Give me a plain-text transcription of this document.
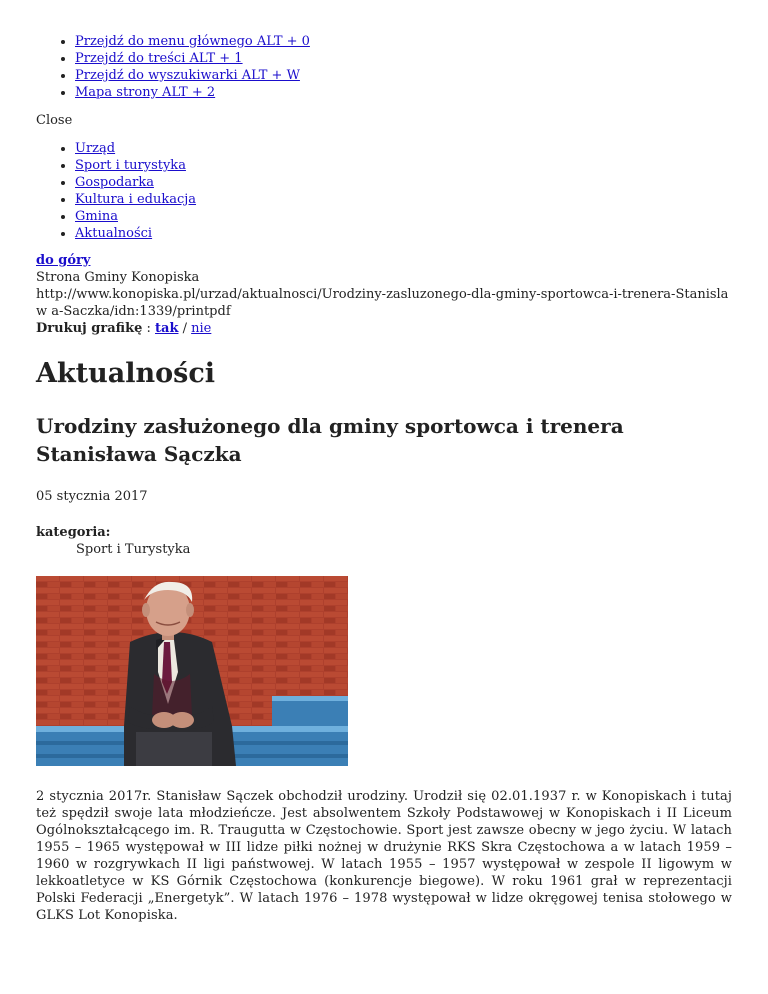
• Przejdź do menu głównego ALT + 0
• Przejdź do treści ALT + 1
• Przejdź do wyszukiwarki ALT + W
• Mapa strony ALT + 2
Close
• Urząd
• Sport i turystyka
• Gospodarka
• Kultura i edukacja
• Gmina
• Aktualności
do góry
Strona Gminy Konopiska
http://www.konopiska.pl/urzad/aktualnosci/Urodziny-zasluzonego-dla-gminy-sportowca-i-trenera-Stanislaw a-Saczka/idn:1339/printpdf
Drukuj grafikę : tak / nie
Aktualności
Urodziny zasłużonego dla gminy sportowca i trenera Stanisława Sączka
05 stycznia 2017
kategoria:
Sport i Turystyka
2 stycznia 2017r. Stanisław Sączek obchodził urodziny. Urodził się 02.01.1937 r. w Konopiskach i tutaj też spędził swoje lata młodzieńcze. Jest absolwentem Szkoły Podstawowej w Konopiskach i II Liceum Ogólnokształcącego im. R. Traugutta w Częstochowie. Sport jest zawsze obecny w jego życiu. W latach 1955 – 1965 występował w III lidze piłki nożnej w drużynie RKS Skra Częstochowa a w latach 1959 – 1960 w rozgrywkach II ligi państwowej. W latach 1955 – 1957 występował w zespole II ligowym w lekkoatletyce w KS Górnik Częstochowa (konkurencje biegowe). W roku 1961 grał w reprezentacji Polski Federacji „Energetyk”. W latach 1976 – 1978 występował w lidze okręgowej tenisa stołowego w GLKS Lot Konopiska.
